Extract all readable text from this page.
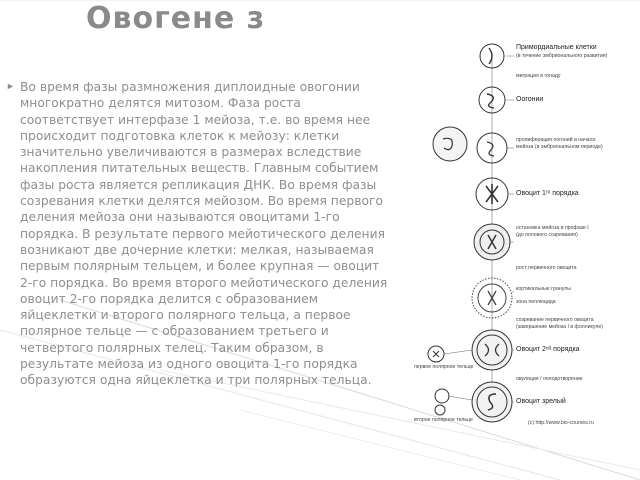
Овогене з
► Во время фазы размножения диплоидные овогонии многократно делятся митозом. Фаза роста соответствует интерфазе 1 мейоза, т.е. во время нее происходит подготовка клеток к мейозу: клетки значительно увеличиваются в размерах вследствие накопления питательных веществ. Главным событием фазы роста является репликация ДНК. Во время фазы созревания клетки делятся мейозом. Во время первого деления мейоза они называются овоцитами 1-го порядка. В результате первого мейотического деления возникают две дочерние клетки: мелкая, называемая первым полярным тельцем, и более крупная — овоцит 2-го порядка. Во время второго мейотического деления овоцит 2-го порядка делится с образованием яйцеклетки и второго полярного тельца, а первое полярное тельце — с образованием третьего и четвертого полярных телец. Таким образом, в результате мейоза из одного овоцита 1-го порядка образуются одна яйцеклетка и три полярных тельца.

Примордиальные клетки
(в течение эмбрионального развития)
миграция в гонаду
Оогонии
пролиферация оогоний и начало
мейоза (в эмбриональном периоде)
Овоцит 1ʳᵒ порядка
остановка мейоза в профазе I
(до полового созревания)
рост первичного овоцита
кортикальные гранулы
зона пеллюцида
созревание первичного овоцита
(завершение мейоза I в фолликуле)
первое полярное тельце
Овоцит 2ⁿᵈ порядка
овуляция / оплодотворение
второе полярное тельце
Овоцит зрелый
(с) http://www.bio-courses.ru
